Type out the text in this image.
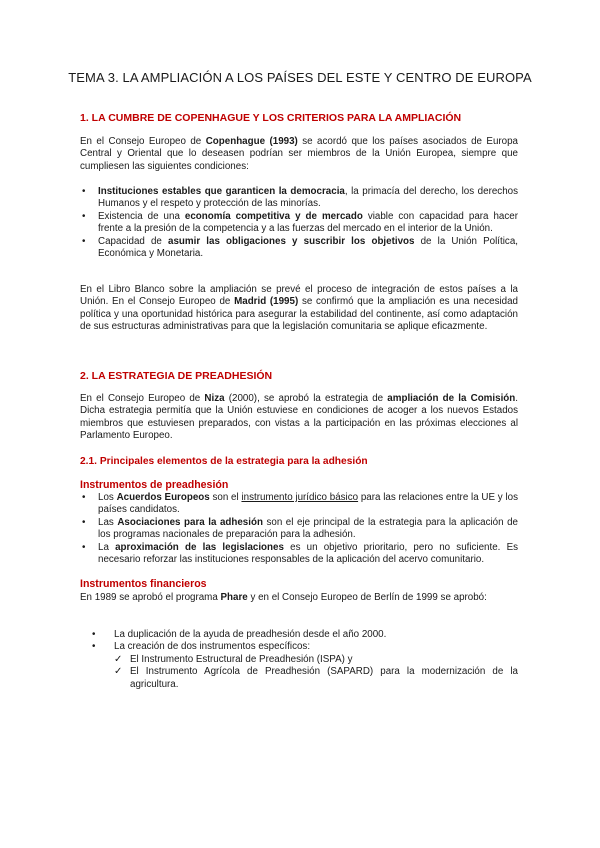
TEMA 3. LA AMPLIACIÓN A LOS PAÍSES DEL ESTE Y CENTRO DE EUROPA
1. LA CUMBRE DE COPENHAGUE Y LOS CRITERIOS PARA LA AMPLIACIÓN
En el Consejo Europeo de Copenhague (1993) se acordó que los países asociados de Europa Central y Oriental que lo deseasen podrían ser miembros de la Unión Europea, siempre que cumpliesen las siguientes condiciones:
• Instituciones estables que garanticen la democracia, la primacía del derecho, los derechos Humanos y el respeto y protección de las minorías.
• Existencia de una economía competitiva y de mercado viable con capacidad para hacer frente a la presión de la competencia y a las fuerzas del mercado en el interior de la Unión.
• Capacidad de asumir las obligaciones y suscribir los objetivos de la Unión Política, Económica y Monetaria.
En el Libro Blanco sobre la ampliación se prevé el proceso de integración de estos países a la Unión. En el Consejo Europeo de Madrid (1995) se confirmó que la ampliación es una necesidad política y una oportunidad histórica para asegurar la estabilidad del continente, así como adaptación de sus estructuras administrativas para que la legislación comunitaria se aplique eficazmente.
2. LA ESTRATEGIA DE PREADHESIÓN
En el Consejo Europeo de Niza (2000), se aprobó la estrategia de ampliación de la Comisión. Dicha estrategia permitía que la Unión estuviese en condiciones de acoger a los nuevos Estados miembros que estuviesen preparados, con vistas a la participación en las próximas elecciones al Parlamento Europeo.
2.1. Principales elementos de la estrategia para la adhesión
Instrumentos de preadhesión
• Los Acuerdos Europeos son el instrumento jurídico básico para las relaciones entre la UE y los países candidatos.
• Las Asociaciones para la adhesión son el eje principal de la estrategia para la aplicación de los programas nacionales de preparación para la adhesión.
• La aproximación de las legislaciones es un objetivo prioritario, pero no suficiente. Es necesario reforzar las instituciones responsables de la aplicación del acervo comunitario.
Instrumentos financieros
En 1989 se aprobó el programa Phare y en el Consejo Europeo de Berlín de 1999 se aprobó:
• La duplicación de la ayuda de preadhesión desde el año 2000.
• La creación de dos instrumentos específicos:
✓ El Instrumento Estructural de Preadhesión (ISPA) y
✓ El Instrumento Agrícola de Preadhesión (SAPARD) para la modernización de la agricultura.
